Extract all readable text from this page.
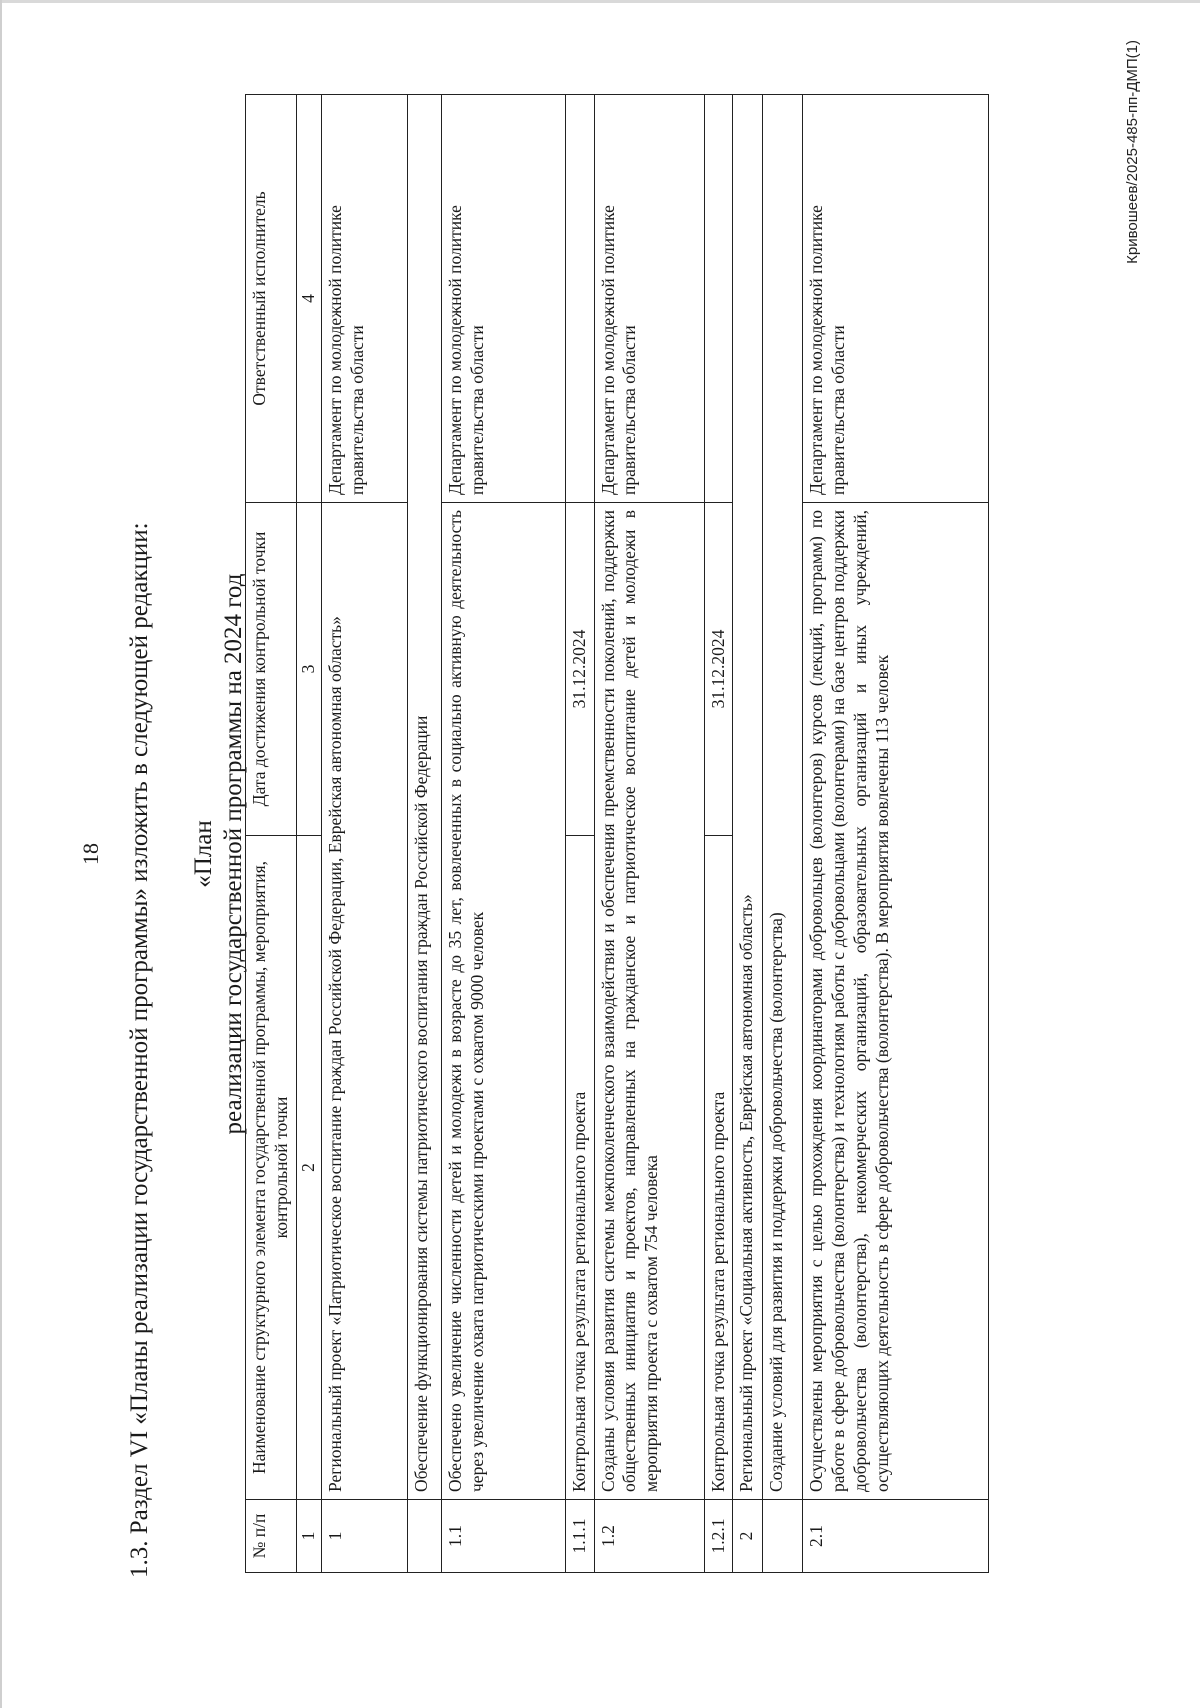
18 1.3. Раздел VI «Планы реализации государственной программы» изложить в следующей редакции: «План реализации государственной программы на 2024 год
№ п/п	Наименование структурного элемента государственной программы, мероприятия, контрольной точки	Дата достижения контрольной точки	Ответственный исполнитель
1	2	3	4
1	Региональный проект «Патриотическое воспитание граждан Российской Федерации, Еврейская автономная область»		Департамент по молодежной политике правительства области
	Обеспечение функционирования системы патриотического воспитания граждан Российской Федерации		
1.1	Обеспечено увеличение численности детей и молодежи в возрасте до 35 лет, вовлеченных в социально активную деятельность через увеличение охвата патриотическими проектами с охватом 9000 человек		Департамент по молодежной политике правительства области
1.1.1	Контрольная точка результата регионального проекта	31.12.2024	
1.2	Созданы условия развития системы межпоколенческого взаимодействия и обеспечения преемственности поколений, поддержки общественных инициатив и проектов, направленных на гражданское и патриотическое воспитание детей и молодежи в мероприятия проекта с охватом 754 человека		Департамент по молодежной политике правительства области
1.2.1	Контрольная точка результата регионального проекта	31.12.2024	
2	Региональный проект «Социальная активность, Еврейская автономная область»		
	Создание условий для развития и поддержки добровольчества (волонтерства)		
2.1	Осуществлены мероприятия с целью прохождения координаторами добровольцев (волонтеров) курсов (лекций, программ) по работе в сфере добровольчества (волонтерства) и технологиям работы с добровольцами (волонтерами) на базе центров поддержки добровольчества (волонтерства), некоммерческих организаций, образовательных организаций и иных учреждений, осуществляющих деятельность в сфере добровольчества (волонтерства). В мероприятия вовлечены 113 человек		Департамент по молодежной политике правительства области
Кривошеев/2025-485-пп-ДМП(1)
